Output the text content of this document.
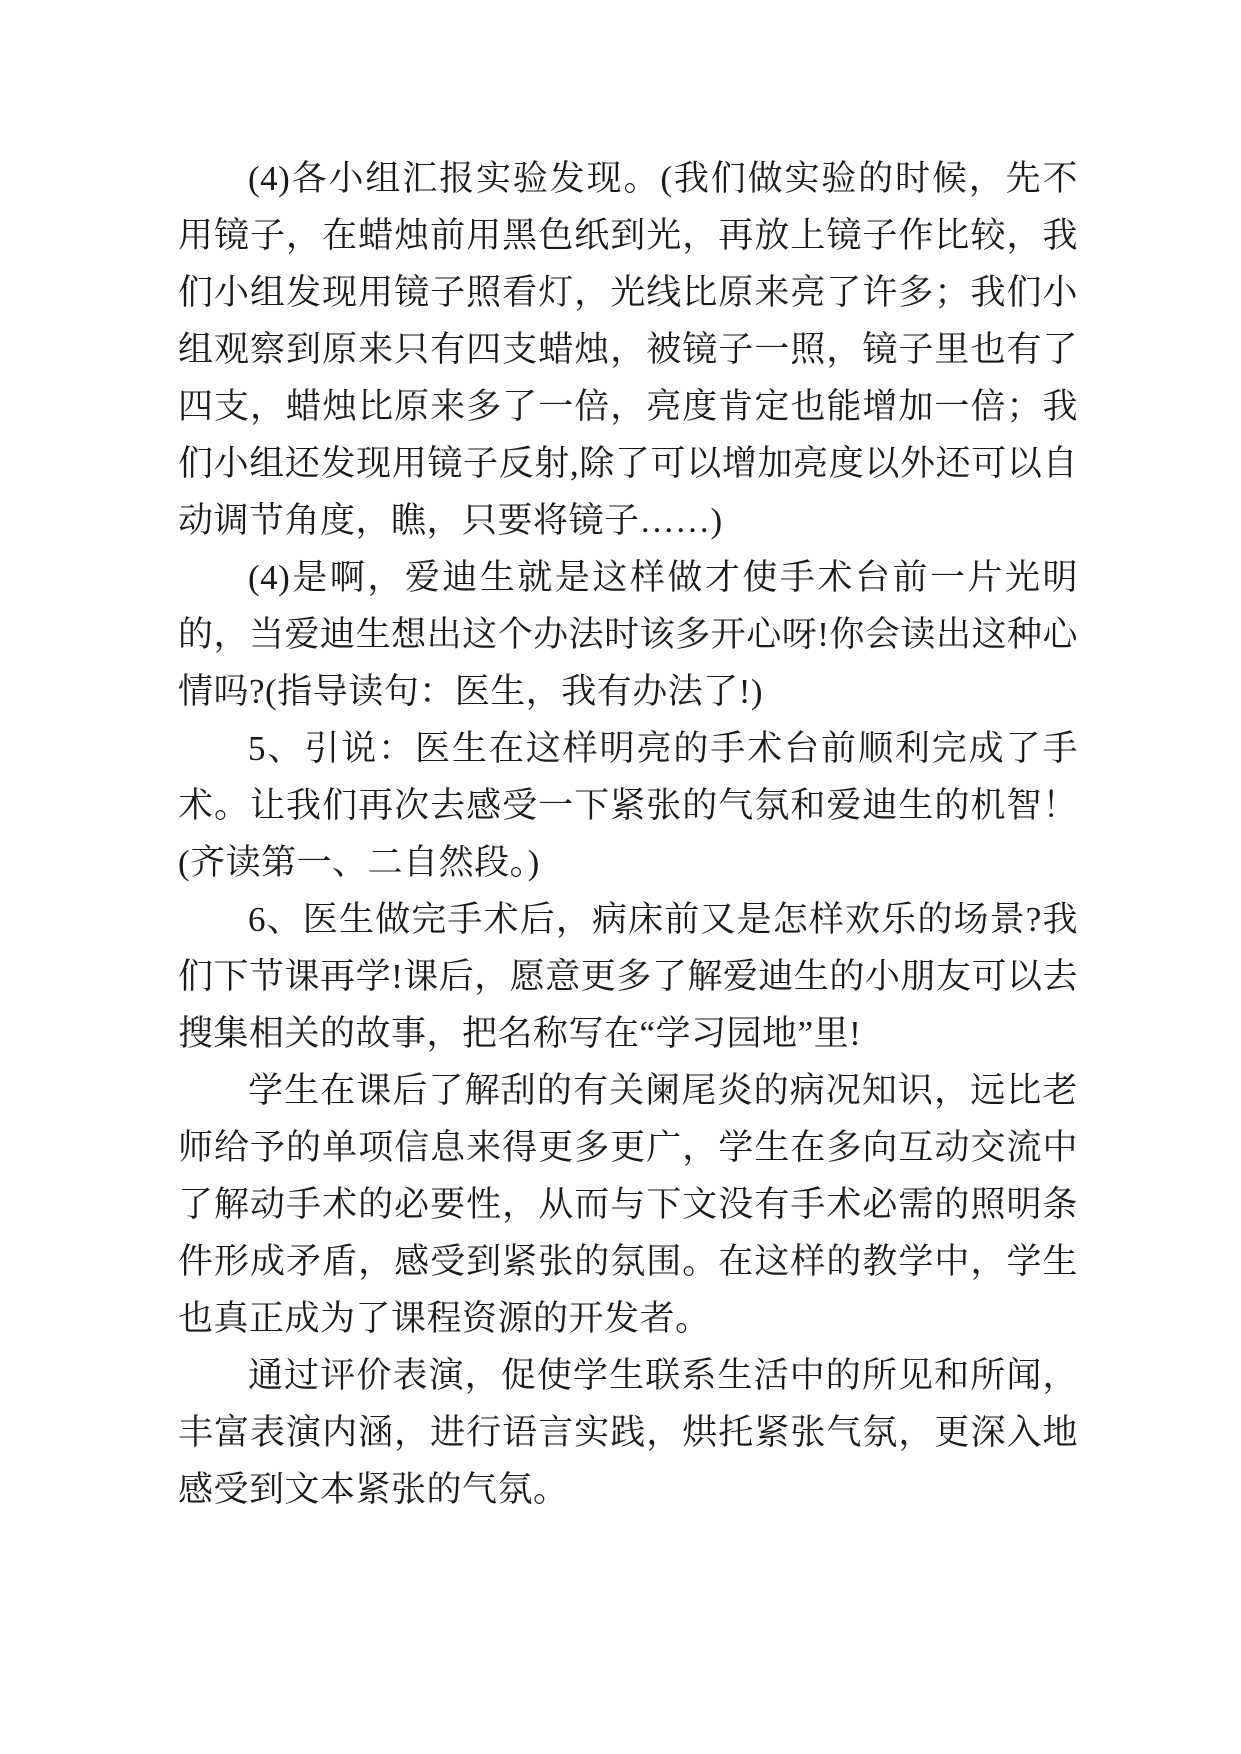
(4)各小组汇报实验发现。(我们做实验的时候，先不用镜子，在蜡烛前用黑色纸到光，再放上镜子作比较，我们小组发现用镜子照看灯，光线比原来亮了许多；我们小组观察到原来只有四支蜡烛，被镜子一照，镜子里也有了四支，蜡烛比原来多了一倍，亮度肯定也能增加一倍；我们小组还发现用镜子反射,除了可以增加亮度以外还可以自动调节角度，瞧，只要将镜子……)

(4)是啊，爱迪生就是这样做才使手术台前一片光明的，当爱迪生想出这个办法时该多开心呀!你会读出这种心情吗?(指导读句：医生，我有办法了!)

5、引说：医生在这样明亮的手术台前顺利完成了手术。让我们再次去感受一下紧张的气氛和爱迪生的机智！(齐读第一、二自然段。)

6、医生做完手术后，病床前又是怎样欢乐的场景?我们下节课再学!课后，愿意更多了解爱迪生的小朋友可以去搜集相关的故事，把名称写在“学习园地”里!

学生在课后了解刮的有关阑尾炎的病况知识，远比老师给予的单项信息来得更多更广，学生在多向互动交流中了解动手术的必要性，从而与下文没有手术必需的照明条件形成矛盾，感受到紧张的氛围。在这样的教学中，学生也真正成为了课程资源的开发者。

通过评价表演，促使学生联系生活中的所见和所闻，丰富表演内涵，进行语言实践，烘托紧张气氛，更深入地感受到文本紧张的气氛。
